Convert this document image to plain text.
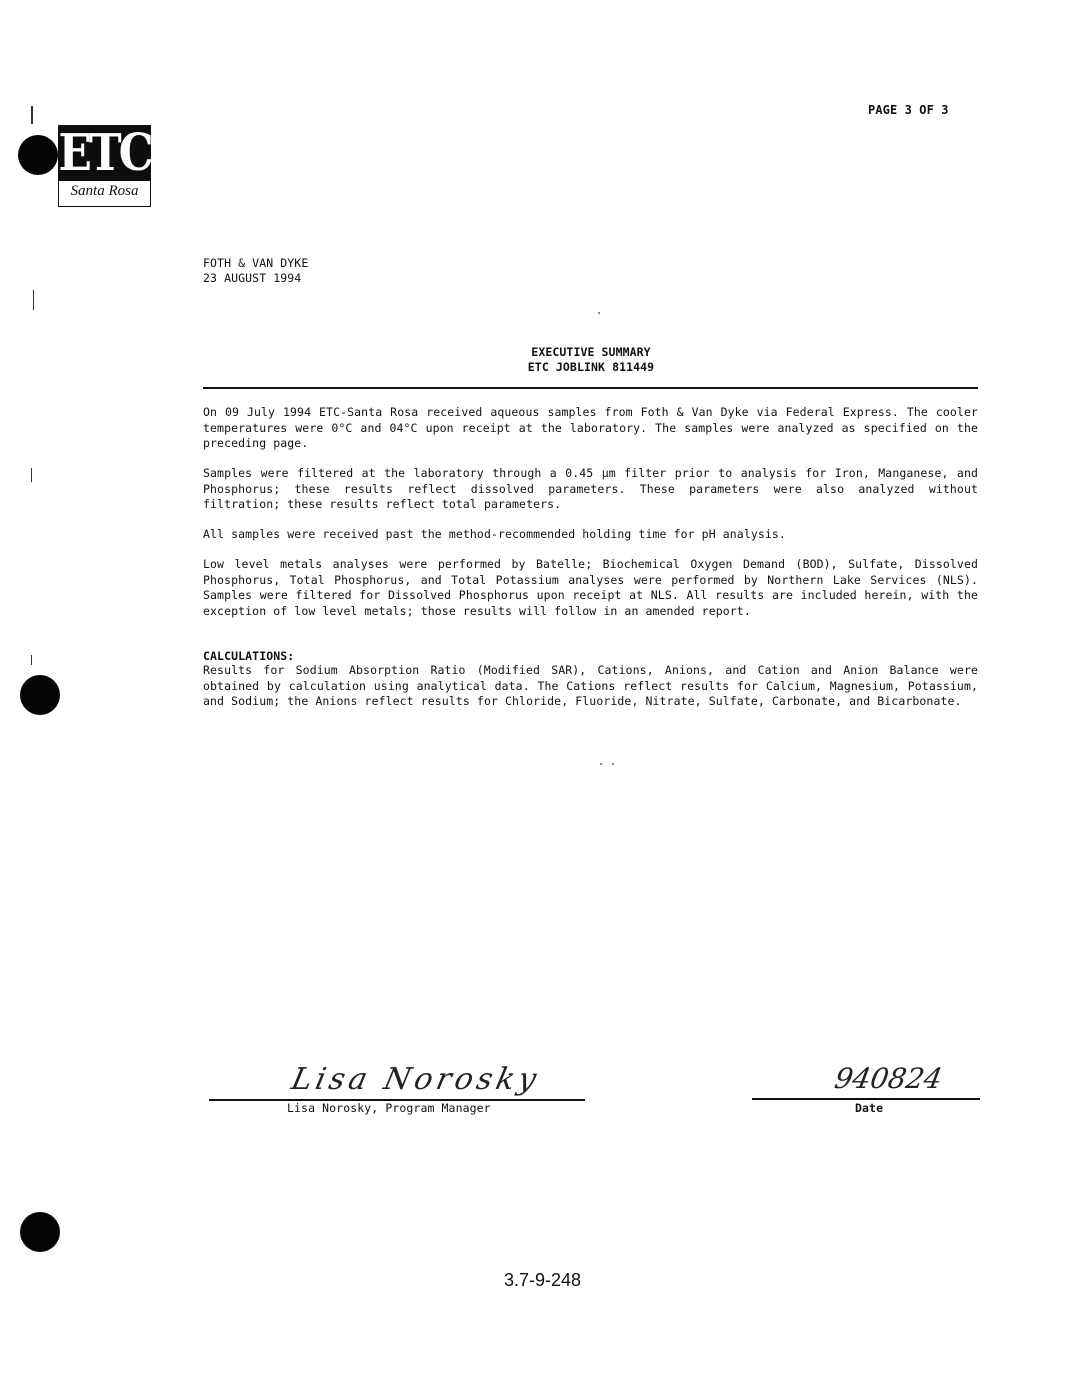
PAGE 3 OF 3
ETC
Santa Rosa
FOTH & VAN DYKE
23 AUGUST 1994
EXECUTIVE SUMMARY
ETC JOBLINK 811449
On 09 July 1994 ETC-Santa Rosa received aqueous samples from Foth & Van Dyke via Federal Express. The cooler temperatures were 0°C and 04°C upon receipt at the laboratory. The samples were analyzed as specified on the preceding page.
Samples were filtered at the laboratory through a 0.45 µm filter prior to analysis for Iron, Manganese, and Phosphorus; these results reflect dissolved parameters. These parameters were also analyzed without filtration; these results reflect total parameters.
All samples were received past the method-recommended holding time for pH analysis.
Low level metals analyses were performed by Batelle; Biochemical Oxygen Demand (BOD), Sulfate, Dissolved Phosphorus, Total Phosphorus, and Total Potassium analyses were performed by Northern Lake Services (NLS). Samples were filtered for Dissolved Phosphorus upon receipt at NLS. All results are included herein, with the exception of low level metals; those results will follow in an amended report.
CALCULATIONS:
Results for Sodium Absorption Ratio (Modified SAR), Cations, Anions, and Cation and Anion Balance were obtained by calculation using analytical data. The Cations reflect results for Calcium, Magnesium, Potassium, and Sodium; the Anions reflect results for Chloride, Fluoride, Nitrate, Sulfate, Carbonate, and Bicarbonate.
Lisa Norosky
Lisa Norosky, Program Manager
940824
Date
3.7-9-248
